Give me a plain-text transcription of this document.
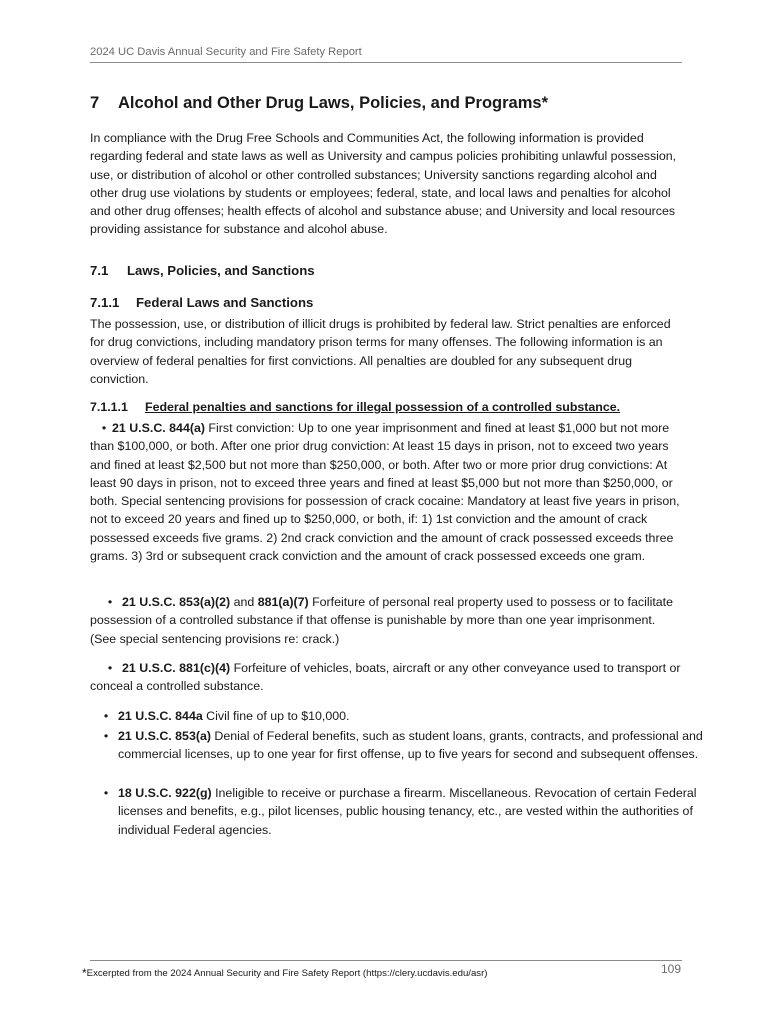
2024 UC Davis Annual Security and Fire Safety Report
7 Alcohol and Other Drug Laws, Policies, and Programs*

In compliance with the Drug Free Schools and Communities Act, the following information is provided regarding federal and state laws as well as University and campus policies prohibiting unlawful possession, use, or distribution of alcohol or other controlled substances; University sanctions regarding alcohol and other drug use violations by students or employees; federal, state, and local laws and penalties for alcohol and other drug offenses; health effects of alcohol and substance abuse; and University and local resources providing assistance for substance and alcohol abuse.

7.1 Laws, Policies, and Sanctions
7.1.1 Federal Laws and Sanctions

The possession, use, or distribution of illicit drugs is prohibited by federal law. Strict penalties are enforced for drug convictions, including mandatory prison terms for many offenses. The following information is an overview of federal penalties for first convictions. All penalties are doubled for any subsequent drug conviction.

7.1.1.1 Federal penalties and sanctions for illegal possession of a controlled substance.

• 21 U.S.C. 844(a) First conviction: Up to one year imprisonment and fined at least $1,000 but not more than $100,000, or both. After one prior drug conviction: At least 15 days in prison, not to exceed two years and fined at least $2,500 but not more than $250,000, or both. After two or more prior drug convictions: At least 90 days in prison, not to exceed three years and fined at least $5,000 but not more than $250,000, or both. Special sentencing provisions for possession of crack cocaine: Mandatory at least five years in prison, not to exceed 20 years and fined up to $250,000, or both, if: 1) 1st conviction and the amount of crack possessed exceeds five grams. 2) 2nd crack conviction and the amount of crack possessed exceeds three grams. 3) 3rd or subsequent crack conviction and the amount of crack possessed exceeds one gram.

• 21 U.S.C. 853(a)(2) and 881(a)(7) Forfeiture of personal real property used to possess or to facilitate possession of a controlled substance if that offense is punishable by more than one year imprisonment. (See special sentencing provisions re: crack.)

• 21 U.S.C. 881(c)(4) Forfeiture of vehicles, boats, aircraft or any other conveyance used to transport or conceal a controlled substance.

• 21 U.S.C. 844a Civil fine of up to $10,000.

• 21 U.S.C. 853(a) Denial of Federal benefits, such as student loans, grants, contracts, and professional and commercial licenses, up to one year for first offense, up to five years for second and subsequent offenses.

• 18 U.S.C. 922(g) Ineligible to receive or purchase a firearm. Miscellaneous. Revocation of certain Federal licenses and benefits, e.g., pilot licenses, public housing tenancy, etc., are vested within the authorities of individual Federal agencies.

*Excerpted from the 2024 Annual Security and Fire Safety Report (https://clery.ucdavis.edu/asr)	109
